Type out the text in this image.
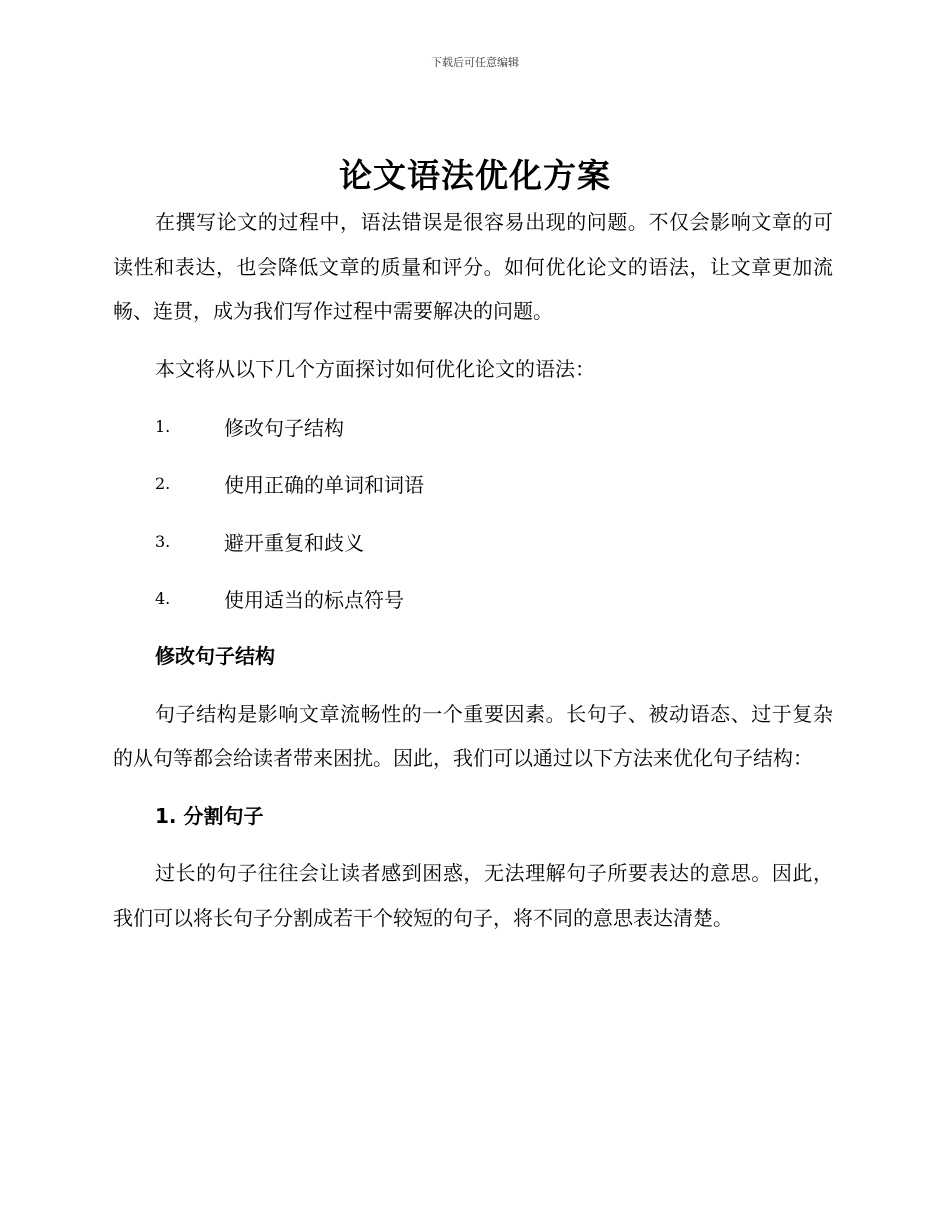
下载后可任意编辑
论文语法优化方案

在撰写论文的过程中，语法错误是很容易出现的问题。不仅会影响文章的可读性和表达，也会降低文章的质量和评分。如何优化论文的语法，让文章更加流畅、连贯，成为我们写作过程中需要解决的问题。

本文将从以下几个方面探讨如何优化论文的语法：

1.	修改句子结构
2.	使用正确的单词和词语
3.	避开重复和歧义
4.	使用适当的标点符号
修改句子结构

句子结构是影响文章流畅性的一个重要因素。长句子、被动语态、过于复杂的从句等都会给读者带来困扰。因此，我们可以通过以下方法来优化句子结构：

1. 分割句子

过长的句子往往会让读者感到困惑，无法理解句子所要表达的意思。因此，我们可以将长句子分割成若干个较短的句子，将不同的意思表达清楚。
